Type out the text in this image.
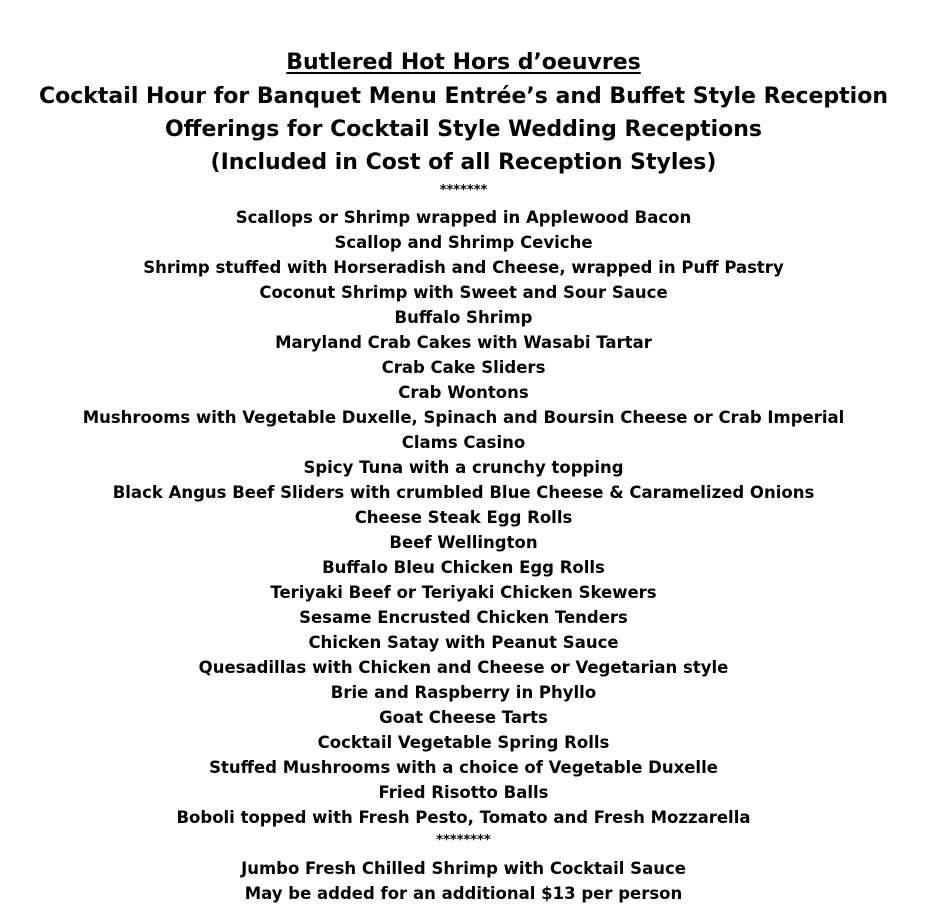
Butlered Hot Hors d’oeuvres
Cocktail Hour for Banquet Menu Entrée’s and Buffet Style Reception
Offerings for Cocktail Style Wedding Receptions
(Included in Cost of all Reception Styles)
*******
Scallops or Shrimp wrapped in Applewood Bacon
Scallop and Shrimp Ceviche
Shrimp stuffed with Horseradish and Cheese, wrapped in Puff Pastry
Coconut Shrimp with Sweet and Sour Sauce
Buffalo Shrimp
Maryland Crab Cakes with Wasabi Tartar
Crab Cake Sliders
Crab Wontons
Mushrooms with Vegetable Duxelle, Spinach and Boursin Cheese or Crab Imperial
Clams Casino
Spicy Tuna with a crunchy topping
Black Angus Beef Sliders with crumbled Blue Cheese & Caramelized Onions
Cheese Steak Egg Rolls
Beef Wellington
Buffalo Bleu Chicken Egg Rolls
Teriyaki Beef or Teriyaki Chicken Skewers
Sesame Encrusted Chicken Tenders
Chicken Satay with Peanut Sauce
Quesadillas with Chicken and Cheese or Vegetarian style
Brie and Raspberry in Phyllo
Goat Cheese Tarts
Cocktail Vegetable Spring Rolls
Stuffed Mushrooms with a choice of Vegetable Duxelle
Fried Risotto Balls
Boboli topped with Fresh Pesto, Tomato and Fresh Mozzarella
********
Jumbo Fresh Chilled Shrimp with Cocktail Sauce
May be added for an additional $13 per person
